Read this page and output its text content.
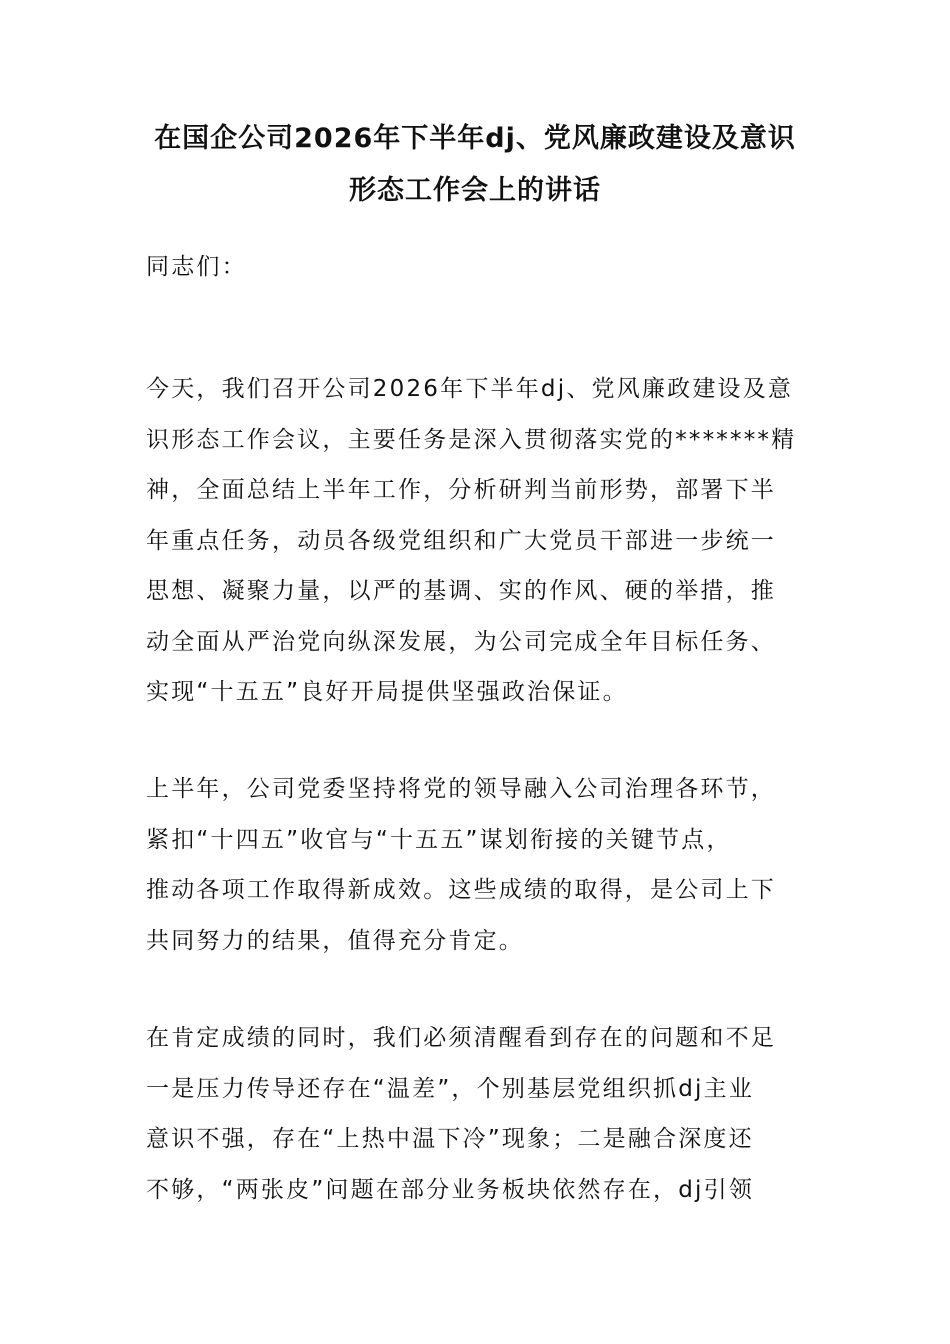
在国企公司2026年下半年dj、党风廉政建设及意识
形态工作会上的讲话
同志们：
今天，我们召开公司2026年下半年dj、党风廉政建设及意
识形态工作会议，主要任务是深入贯彻落实党的*******精
神，全面总结上半年工作，分析研判当前形势，部署下半
年重点任务，动员各级党组织和广大党员干部进一步统一
思想、凝聚力量，以严的基调、实的作风、硬的举措，推
动全面从严治党向纵深发展，为公司完成全年目标任务、
实现“十五五”良好开局提供坚强政治保证。
上半年，公司党委坚持将党的领导融入公司治理各环节，
紧扣“十四五”收官与“十五五”谋划衔接的关键节点，
推动各项工作取得新成效。这些成绩的取得，是公司上下
共同努力的结果，值得充分肯定。
在肯定成绩的同时，我们必须清醒看到存在的问题和不足
一是压力传导还存在“温差”，个别基层党组织抓dj主业
意识不强，存在“上热中温下冷”现象；二是融合深度还
不够，“两张皮”问题在部分业务板块依然存在，dj引领
